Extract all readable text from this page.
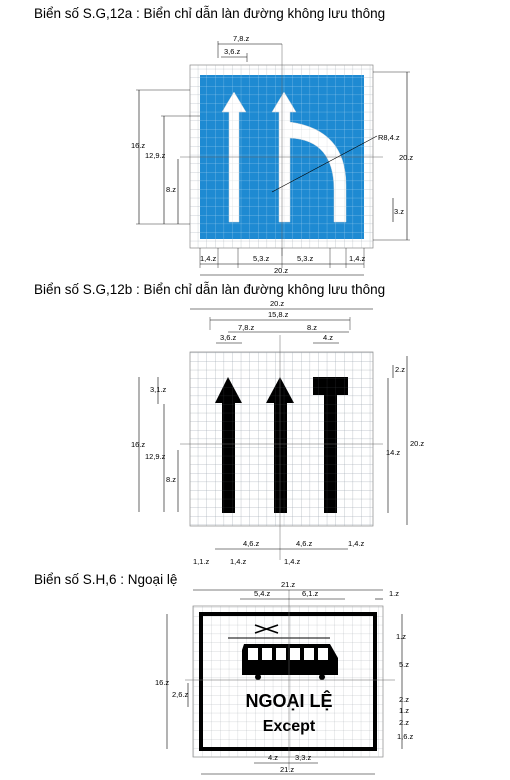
Biển số S.G,12a : Biển chỉ dẫn làn đường không lưu thông
Biển số S.G,12b : Biển chỉ dẫn làn đường không lưu thông
Biển số S.H,6 : Ngoại lệ
R8,4.z
7,8.z
3,6.z
16.z
12,9.z
8.z
20.z
3.z
1,4.z	5,3.z	5,3.z	1,4.z
20.z
20.z
15,8.z
7,8.z	8.z
3,6.z	4.z
16.z
3,1.z
12,9.z
8.z
2.z
14.z
20.z
4,6.z	4,6.z	1,4.z
1,1.z	1,4.z	1,4.z
NGOẠI LỆ
Except
21.z
5,4.z	6,1.z	1.z
16.z
2,6.z
1.z
5.z
2.z
1.z
2.z
1,6.z
4.z 3,3.z
21.z
